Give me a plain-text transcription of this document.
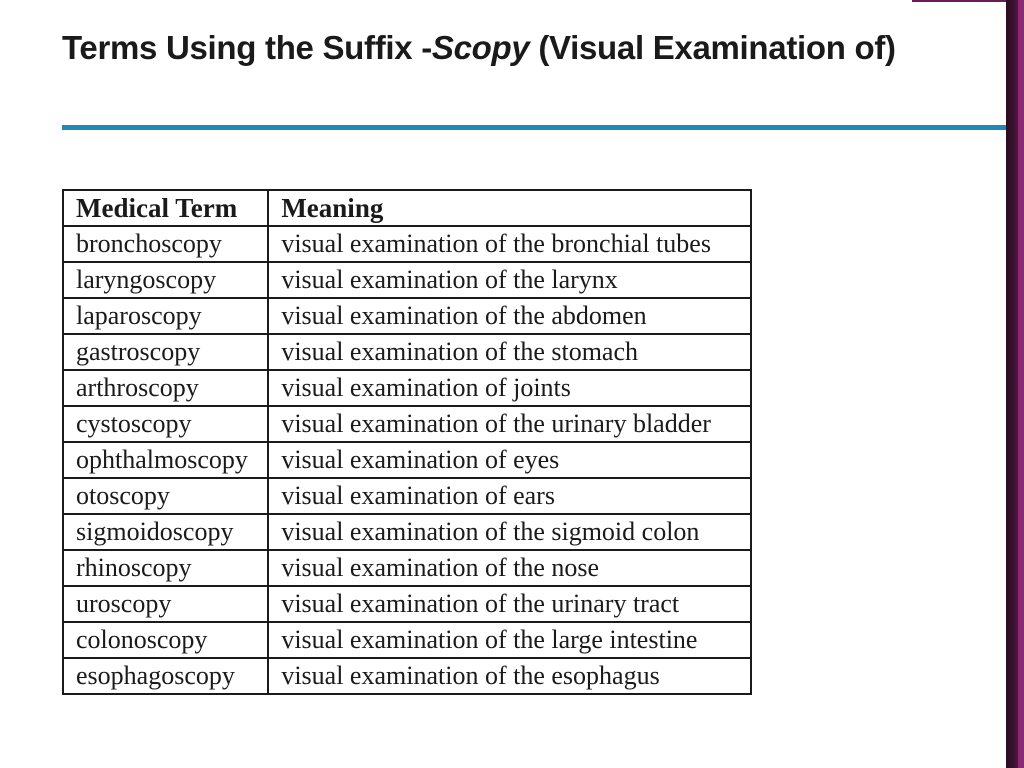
Terms Using the Suffix -Scopy (Visual Examination of)
Medical Term	Meaning
bronchoscopy	visual examination of the bronchial tubes
laryngoscopy	visual examination of the larynx
laparoscopy	visual examination of the abdomen
gastroscopy	visual examination of the stomach
arthroscopy	visual examination of joints
cystoscopy	visual examination of the urinary bladder
ophthalmoscopy	visual examination of eyes
otoscopy	visual examination of ears
sigmoidoscopy	visual examination of the sigmoid colon
rhinoscopy	visual examination of the nose
uroscopy	visual examination of the urinary tract
colonoscopy	visual examination of the large intestine
esophagoscopy	visual examination of the esophagus
